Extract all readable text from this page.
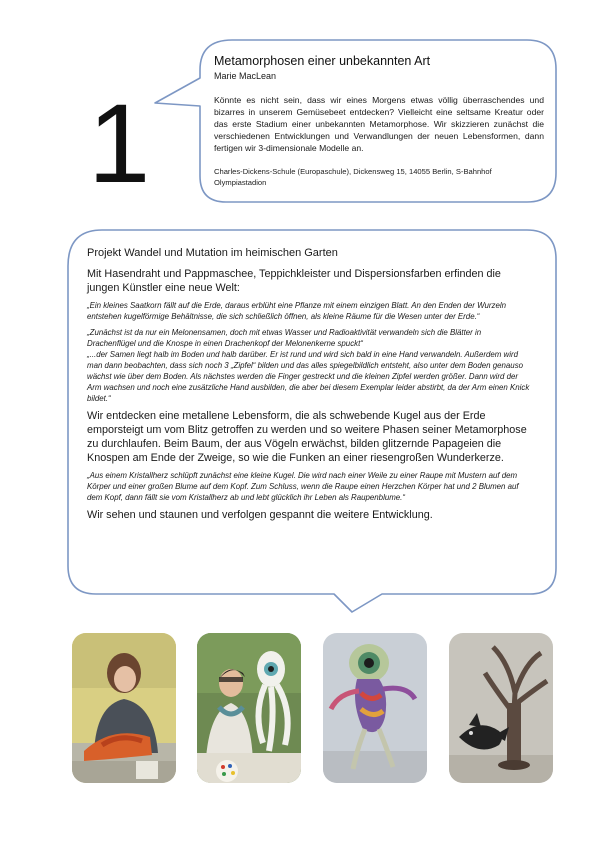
1
Metamorphosen einer unbekannten Art
Marie MacLean
Könnte es nicht sein, dass wir eines Morgens etwas völlig überraschendes und bizarres in unserem Gemüsebeet entdecken? Vielleicht eine seltsame Kreatur oder das erste Stadium einer unbekannten Metamorphose. Wir skizzieren zunächst die verschiedenen Entwicklungen und Verwandlungen der neuen Lebensformen, dann fertigen wir 3-dimensionale Modelle an.
Charles-Dickens-Schule (Europaschule), Dickensweg 15, 14055 Berlin, S-Bahnhof Olympiastadion
Projekt Wandel und Mutation im heimischen Garten

Mit Hasendraht und Pappmaschee, Teppichkleister und Dispersionsfarben erfinden die jungen Künstler eine neue Welt:

„Ein kleines Saatkorn fällt auf die Erde, daraus erblüht eine Pflanze mit einem einzigen Blatt. An den Enden der Wurzeln entstehen kugelförmige Behältnisse, die sich schließlich öffnen, als kleine Räume für die Wesen unter der Erde.“

„Zunächst ist da nur ein Melonensamen, doch mit etwas Wasser und Radioaktivität verwandeln sich die Blätter in Drachenflügel und die Knospe in einen Drachenkopf der Melonenkerne spuckt“

„...der Samen liegt halb im Boden und halb darüber. Er ist rund und wird sich bald in eine Hand verwandeln. Außerdem wird man dann beobachten, dass sich noch 3 „Zipfel“ bilden und das alles spiegelbildlich entsteht, also unter dem Boden genauso wächst wie über dem Boden. Als nächstes werden die Finger gestreckt und die kleinen Zipfel werden größer. Dann wird der Arm wachsen und noch eine zusätzliche Hand ausbilden, die aber bei diesem Exemplar leider abstirbt, da der Arm einen Knick bildet.“

Wir entdecken eine metallene Lebensform, die als schwebende Kugel aus der Erde emporsteigt um vom Blitz getroffen zu werden und so weitere Phasen seiner Metamorphose zu durchlaufen. Beim Baum, der aus Vögeln erwächst, bilden glitzernde Papageien die Knospen am Ende der Zweige, so wie die Funken an einer riesengroßen Wunderkerze.

„Aus einem Kristallherz schlüpft zunächst eine kleine Kugel. Die wird nach einer Weile zu einer Raupe mit Mustern auf dem Körper und einer großen Blume auf dem Kopf. Zum Schluss, wenn die Raupe einen Herzchen Körper hat und 2 Blumen auf dem Kopf, dann fällt sie vom Kristallherz ab und lebt glücklich ihr Leben als Raupenblume.“

Wir sehen und staunen und verfolgen gespannt die weitere Entwicklung.
